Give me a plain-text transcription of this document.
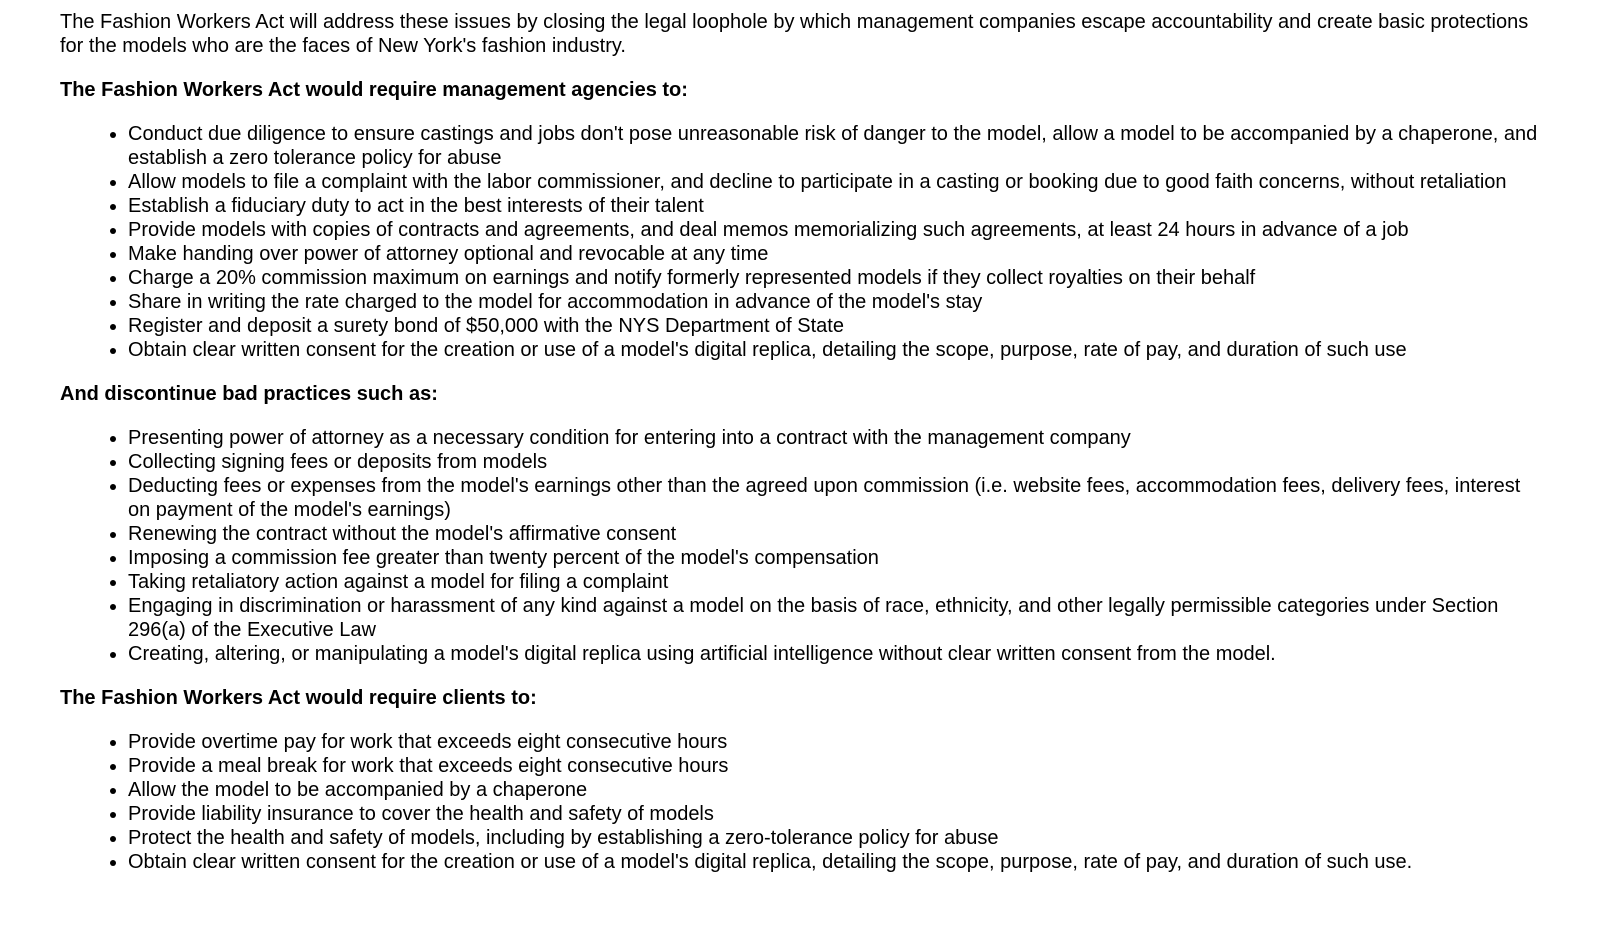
The Fashion Workers Act will address these issues by closing the legal loophole by which management companies escape accountability and create basic protections for the models who are the faces of New York's fashion industry.

The Fashion Workers Act would require management agencies to:

• Conduct due diligence to ensure castings and jobs don't pose unreasonable risk of danger to the model, allow a model to be accompanied by a chaperone, and establish a zero tolerance policy for abuse
• Allow models to file a complaint with the labor commissioner, and decline to participate in a casting or booking due to good faith concerns, without retaliation
• Establish a fiduciary duty to act in the best interests of their talent
• Provide models with copies of contracts and agreements, and deal memos memorializing such agreements, at least 24 hours in advance of a job
• Make handing over power of attorney optional and revocable at any time
• Charge a 20% commission maximum on earnings and notify formerly represented models if they collect royalties on their behalf
• Share in writing the rate charged to the model for accommodation in advance of the model's stay
• Register and deposit a surety bond of $50,000 with the NYS Department of State
• Obtain clear written consent for the creation or use of a model's digital replica, detailing the scope, purpose, rate of pay, and duration of such use

And discontinue bad practices such as:

• Presenting power of attorney as a necessary condition for entering into a contract with the management company
• Collecting signing fees or deposits from models
• Deducting fees or expenses from the model's earnings other than the agreed upon commission (i.e. website fees, accommodation fees, delivery fees, interest on payment of the model's earnings)
• Renewing the contract without the model's affirmative consent
• Imposing a commission fee greater than twenty percent of the model's compensation
• Taking retaliatory action against a model for filing a complaint
• Engaging in discrimination or harassment of any kind against a model on the basis of race, ethnicity, and other legally permissible categories under Section 296(a) of the Executive Law
• Creating, altering, or manipulating a model's digital replica using artificial intelligence without clear written consent from the model.

The Fashion Workers Act would require clients to:

• Provide overtime pay for work that exceeds eight consecutive hours
• Provide a meal break for work that exceeds eight consecutive hours
• Allow the model to be accompanied by a chaperone
• Provide liability insurance to cover the health and safety of models
• Protect the health and safety of models, including by establishing a zero-tolerance policy for abuse
• Obtain clear written consent for the creation or use of a model's digital replica, detailing the scope, purpose, rate of pay, and duration of such use.
